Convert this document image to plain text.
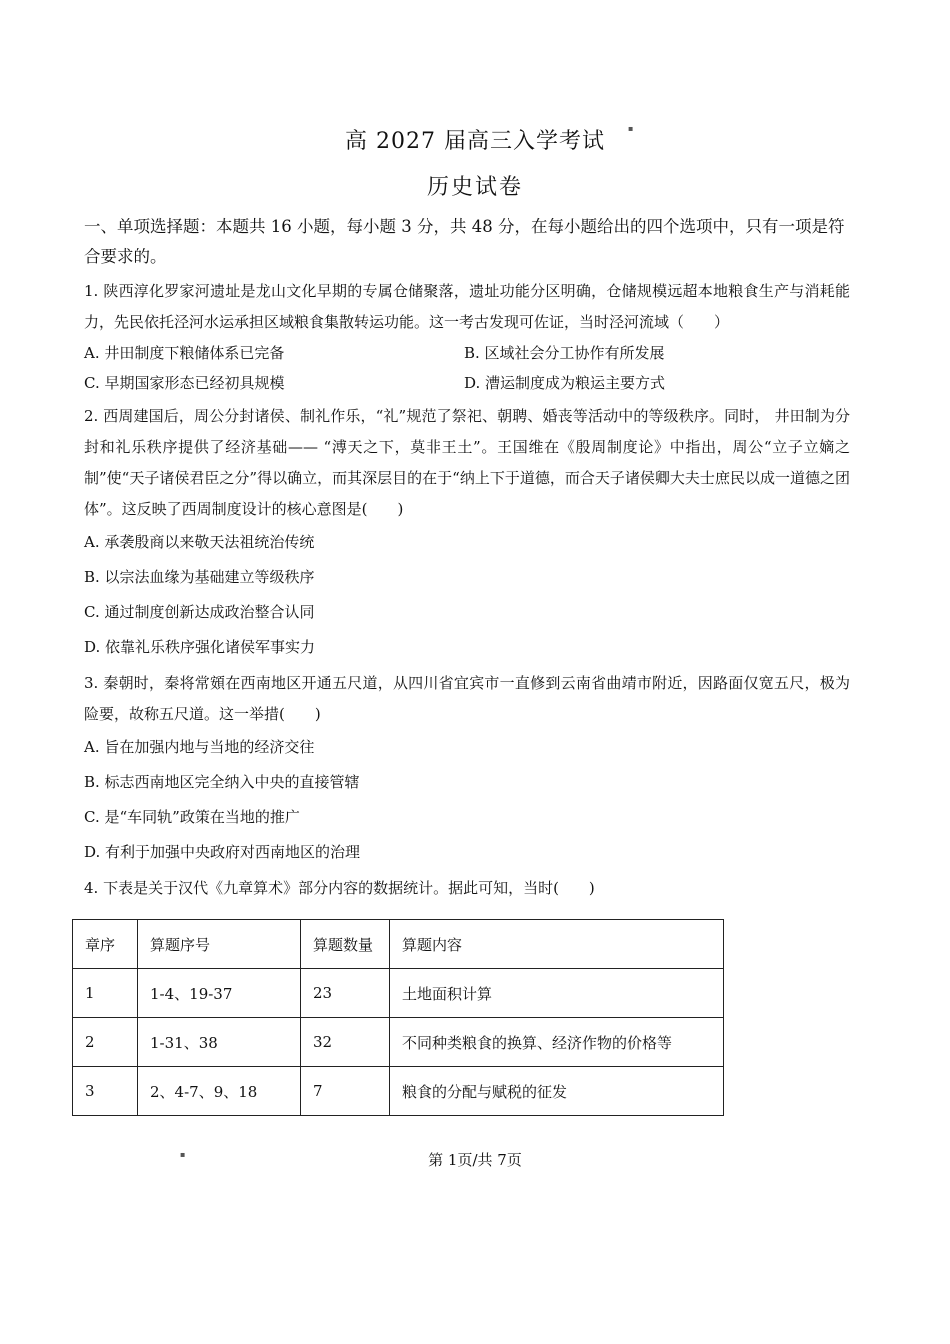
▪
高 2027 届高三入学考试
历史试卷

一、单项选择题：本题共 16 小题，每小题 3 分，共 48 分，在每小题给出的四个选项中，只有一项是符合要求的。

1. 陕西淳化罗家河遗址是龙山文化早期的专属仓储聚落，遗址功能分区明确，仓储规模远超本地粮食生产与消耗能力，先民依托泾河水运承担区域粮食集散转运功能。这一考古发现可佐证，当时泾河流域（　　）

A. 井田制度下粮储体系已完备	B. 区域社会分工协作有所发展

C. 早期国家形态已经初具规模	D. 漕运制度成为粮运主要方式

2. 西周建国后，周公分封诸侯、制礼作乐，“礼”规范了祭祀、朝聘、婚丧等活动中的等级秩序。同时， 井田制为分封和礼乐秩序提供了经济基础—— “溥天之下，莫非王土”。王国维在《殷周制度论》中指出，周公“立子立嫡之制”使“天子诸侯君臣之分”得以确立，而其深层目的在于“纳上下于道德，而合天子诸侯卿大夫士庶民以成一道德之团体”。这反映了西周制度设计的核心意图是(　　)

A. 承袭殷商以来敬天法祖统治传统

B. 以宗法血缘为基础建立等级秩序

C. 通过制度创新达成政治整合认同

D. 依靠礼乐秩序强化诸侯军事实力

3. 秦朝时，秦将常頞在西南地区开通五尺道，从四川省宜宾市一直修到云南省曲靖市附近，因路面仅宽五尺，极为险要，故称五尺道。这一举措(　　)

A. 旨在加强内地与当地的经济交往

B. 标志西南地区完全纳入中央的直接管辖

C. 是“车同轨”政策在当地的推广

D. 有利于加强中央政府对西南地区的治理

4. 下表是关于汉代《九章算术》部分内容的数据统计。据此可知，当时(　　)

章序	算题序号	算题数量	算题内容
1	1-4、19-37	23	土地面积计算
2	1-31、38	32	不同种类粮食的换算、经济作物的价格等
3	2、4-7、9、18	7	粮食的分配与赋税的征发
▪	第 1页/共 7页
